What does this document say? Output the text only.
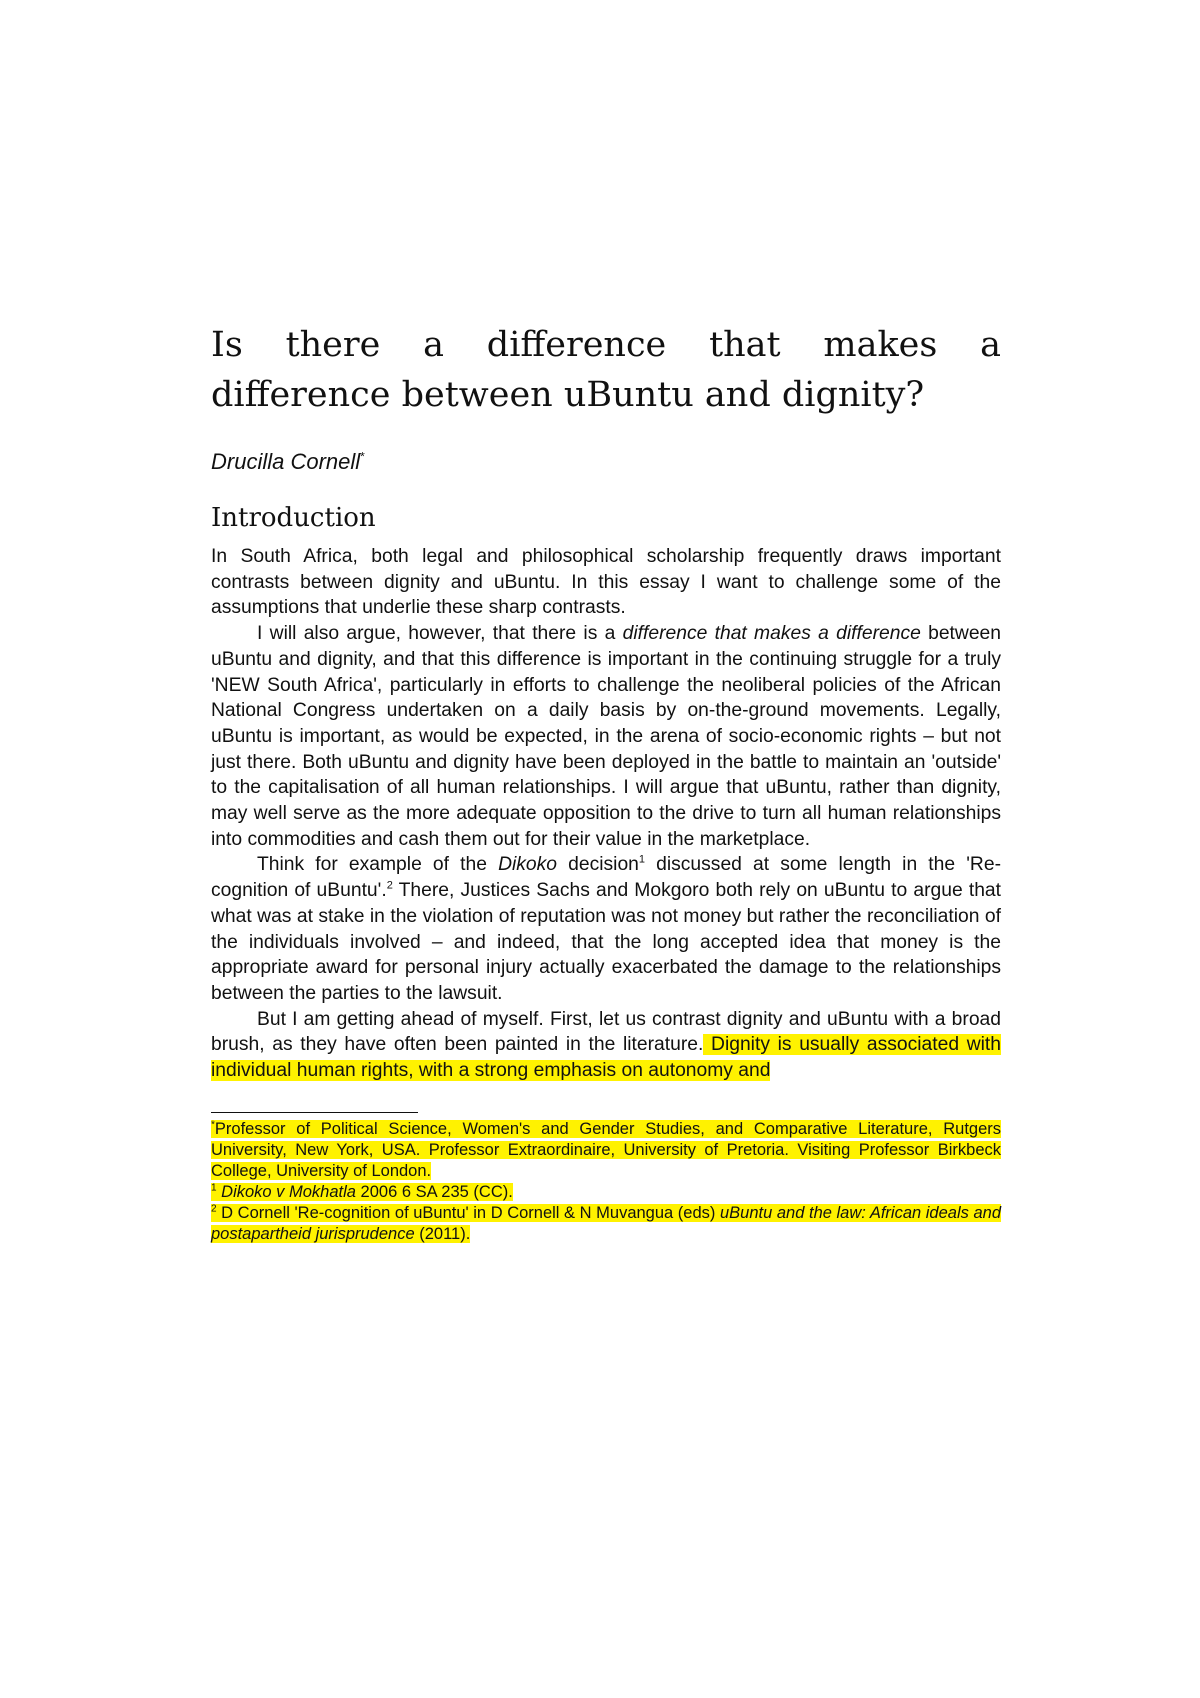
Is there a difference that makes a difference between uBuntu and dignity?

Drucilla Cornell*

Introduction

In South Africa, both legal and philosophical scholarship frequently draws important contrasts between dignity and uBuntu. In this essay I want to challenge some of the assumptions that underlie these sharp contrasts.

I will also argue, however, that there is a difference that makes a difference between uBuntu and dignity, and that this difference is important in the continuing struggle for a truly 'NEW South Africa', particularly in efforts to challenge the neoliberal policies of the African National Congress undertaken on a daily basis by on-the-ground movements. Legally, uBuntu is important, as would be expected, in the arena of socio-economic rights – but not just there. Both uBuntu and dignity have been deployed in the battle to maintain an 'outside' to the capitalisation of all human relationships. I will argue that uBuntu, rather than dignity, may well serve as the more adequate opposition to the drive to turn all human relationships into commodities and cash them out for their value in the marketplace.

Think for example of the Dikoko decision$^1$ discussed at some length in the 'Re-cognition of uBuntu'.$^2$ There, Justices Sachs and Mokgoro both rely on uBuntu to argue that what was at stake in the violation of reputation was not money but rather the reconciliation of the individuals involved – and indeed, that the long accepted idea that money is the appropriate award for personal injury actually exacerbated the damage to the relationships between the parties to the lawsuit.

But I am getting ahead of myself. First, let us contrast dignity and uBuntu with a broad brush, as they have often been painted in the literature. Dignity is usually associated with individual human rights, with a strong emphasis on autonomy and

*Professor of Political Science, Women's and Gender Studies, and Comparative Literature, Rutgers University, New York, USA. Professor Extraordinaire, University of Pretoria. Visiting Professor Birkbeck College, University of London.

$^1$ Dikoko v Mokhatla 2006 6 SA 235 (CC).

$^2$ D Cornell 'Re-cognition of uBuntu' in D Cornell & N Muvangua (eds) uBuntu and the law: African ideals and postapartheid jurisprudence (2011).
